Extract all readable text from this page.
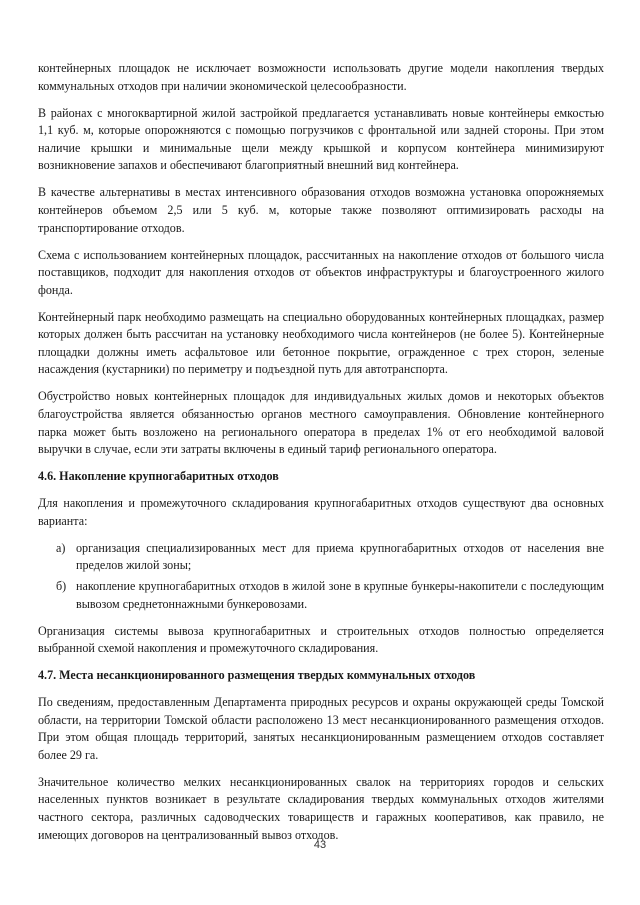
контейнерных площадок не исключает возможности использовать другие модели накопления твердых коммунальных отходов при наличии экономической целесообразности.

В районах с многоквартирной жилой застройкой предлагается устанавливать новые контейнеры емкостью 1,1 куб. м, которые опорожняются с помощью погрузчиков с фронтальной или задней стороны. При этом наличие крышки и минимальные щели между крышкой и корпусом контейнера минимизируют возникновение запахов и обеспечивают благоприятный внешний вид контейнера.

В качестве альтернативы в местах интенсивного образования отходов возможна установка опорожняемых контейнеров объемом 2,5 или 5 куб. м, которые также позволяют оптимизировать расходы на транспортирование отходов.

Схема с использованием контейнерных площадок, рассчитанных на накопление отходов от большого числа поставщиков, подходит для накопления отходов от объектов инфраструктуры и благоустроенного жилого фонда.

Контейнерный парк необходимо размещать на специально оборудованных контейнерных площадках, размер которых должен быть рассчитан на установку необходимого числа контейнеров (не более 5). Контейнерные площадки должны иметь асфальтовое или бетонное покрытие, огражденное с трех сторон, зеленые насаждения (кустарники) по периметру и подъездной путь для автотранспорта.

Обустройство новых контейнерных площадок для индивидуальных жилых домов и некоторых объектов благоустройства является обязанностью органов местного самоуправления. Обновление контейнерного парка может быть возложено на регионального оператора в пределах 1% от его необходимой валовой выручки в случае, если эти затраты включены в единый тариф регионального оператора.

4.6. Накопление крупногабаритных отходов

Для накопления и промежуточного складирования крупногабаритных отходов существуют два основных варианта:

а) организация специализированных мест для приема крупногабаритных отходов от населения вне пределов жилой зоны;
б) накопление крупногабаритных отходов в жилой зоне в крупные бункеры-накопители с последующим вывозом среднетоннажными бункеровозами.

Организация системы вывоза крупногабаритных и строительных отходов полностью определяется выбранной схемой накопления и промежуточного складирования.

4.7. Места несанкционированного размещения твердых коммунальных отходов

По сведениям, предоставленным Департамента природных ресурсов и охраны окружающей среды Томской области, на территории Томской области расположено 13 мест несанкционированного размещения отходов. При этом общая площадь территорий, занятых несанкционированным размещением отходов составляет более 29 га.

Значительное количество мелких несанкционированных свалок на территориях городов и сельских населенных пунктов возникает в результате складирования твердых коммунальных отходов жителями частного сектора, различных садоводческих товариществ и гаражных кооперативов, как правило, не имеющих договоров на централизованный вывоз отходов.

43
